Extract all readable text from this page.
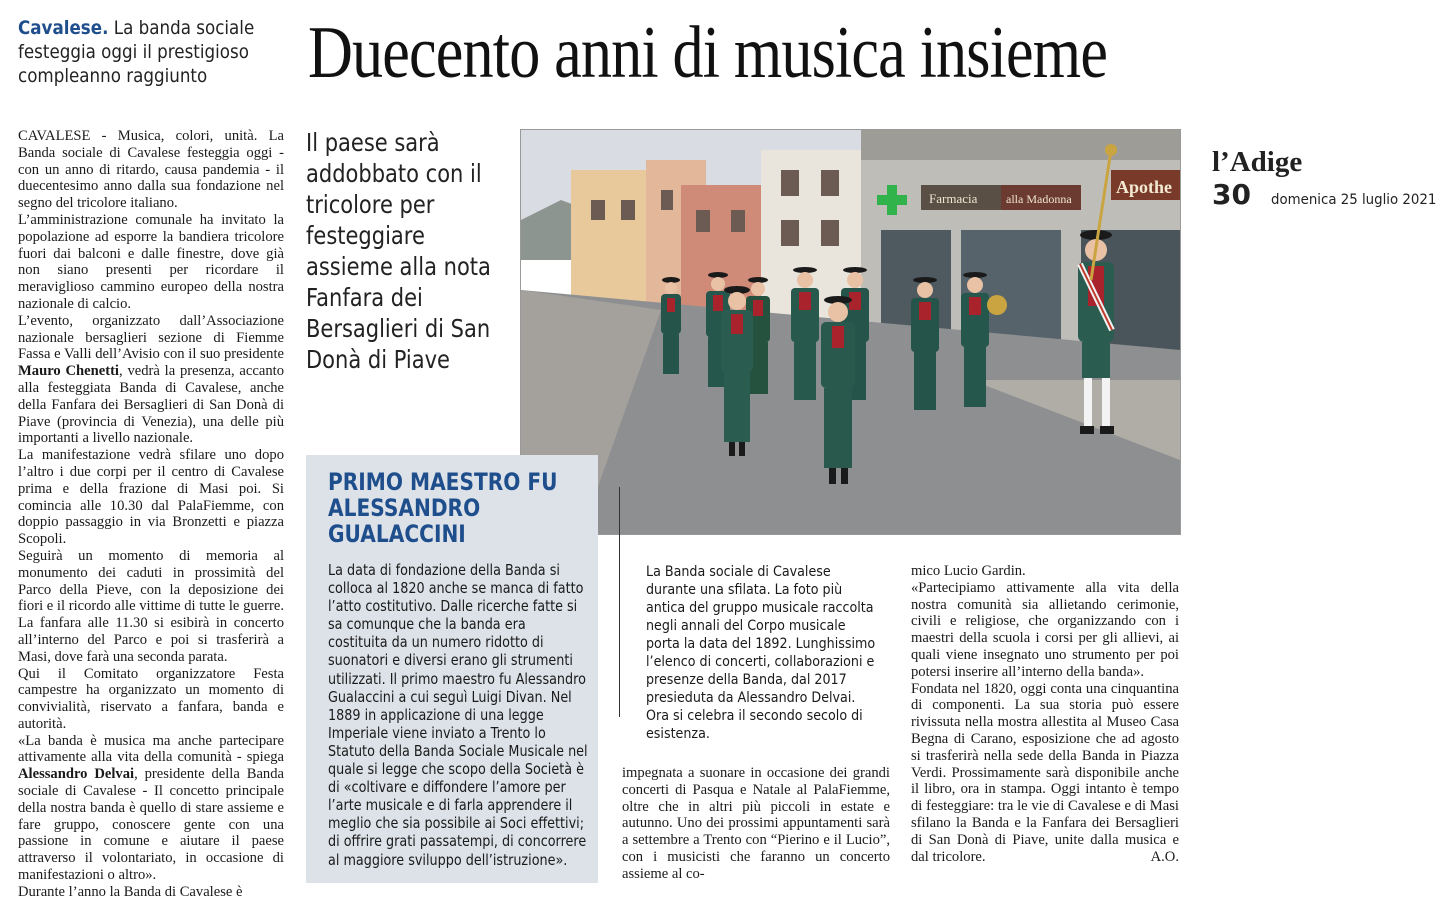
Cavalese. La banda sociale festeggia oggi il prestigioso compleanno raggiunto	Duecento anni di musica insieme

CAVALESE - Musica, colori, unità. La Banda sociale di Cavalese festeggia oggi - con un anno di ritardo, causa pandemia - il duecentesimo anno dalla sua fondazione nel segno del tricolore italiano.

L’amministrazione comunale ha invitato la popolazione ad esporre la bandiera tricolore fuori dai balconi e dalle finestre, dove già non siano presenti per ricordare il meraviglioso cammino europeo della nostra nazionale di calcio.

L’evento, organizzato dall’Associazione nazionale bersaglieri sezione di Fiemme Fassa e Valli dell’Avisio con il suo presidente Mauro Chenetti, vedrà la presenza, accanto alla festeggiata Banda di Cavalese, anche della Fanfara dei Bersaglieri di San Donà di Piave (provincia di Venezia), una delle più importanti a livello nazionale.

La manifestazione vedrà sfilare uno dopo l’altro i due corpi per il centro di Cavalese prima e della frazione di Masi poi. Si comincia alle 10.30 dal PalaFiemme, con doppio passaggio in via Bronzetti e piazza Scopoli.

Seguirà un momento di memoria al monumento dei caduti in prossimità del Parco della Pieve, con la deposizione dei fiori e il ricordo alle vittime di tutte le guerre. La fanfara alle 11.30 si esibirà in concerto all’interno del Parco e poi si trasferirà a Masi, dove farà una seconda parata.

Qui il Comitato organizzatore Festa campestre ha organizzato un momento di convivialità, riservato a fanfara, banda e autorità.

«La banda è musica ma anche partecipare attivamente alla vita della comunità - spiega Alessandro Delvai, presidente della Banda sociale di Cavalese - Il concetto principale della nostra banda è quello di stare assieme e fare gruppo, conoscere gente con una passione in comune e aiutare il paese attraverso il volontariato, in occasione di manifestazioni o altro».

Durante l’anno la Banda di Cavalese è

Il paese sarà addobbato con il tricolore per festeggiare assieme alla nota Fanfara dei Bersaglieri di San Donà di Piave
Farmacia alla Madonna
Apothe
l’Adige
30 domenica 25 luglio 2021
PRIMO MAESTRO FU ALESSANDRO GUALACCINI
La data di fondazione della Banda si colloca al 1820 anche se manca di fatto l’atto costitutivo. Dalle ricerche fatte si sa comunque che la banda era costituita da un numero ridotto di suonatori e diversi erano gli strumenti utilizzati. Il primo maestro fu Alessandro Gualaccini a cui seguì Luigi Divan. Nel 1889 in applicazione di una legge Imperiale viene inviato a Trento lo Statuto della Banda Sociale Musicale nel quale si legge che scopo della Società è di «coltivare e diffondere l’amore per l’arte musicale e di farla apprendere il meglio che sia possibile ai Soci effettivi; di offrire grati passatempi, di concorrere al maggiore sviluppo dell’istruzione».
La Banda sociale di Cavalese durante una sfilata. La foto più antica del gruppo musicale raccolta negli annali del Corpo musicale porta la data del 1892. Lunghissimo l’elenco di concerti, collaborazioni e presenze della Banda, dal 2017 presieduta da Alessandro Delvai. Ora si celebra il secondo secolo di esistenza.

impegnata a suonare in occasione dei grandi concerti di Pasqua e Natale al PalaFiemme, oltre che in altri più piccoli in estate e autunno. Uno dei prossimi appuntamenti sarà a settembre a Trento con “Pierino e il Lucio”, con i musicisti che faranno un concerto assieme al co-

mico Lucio Gardin.

«Partecipiamo attivamente alla vita della nostra comunità sia allietando cerimonie, civili e religiose, che organizzando con i maestri della scuola i corsi per gli allievi, ai quali viene insegnato uno strumento per poi potersi inserire all’interno della banda».

Fondata nel 1820, oggi conta una cinquantina di componenti. La sua storia può essere rivissuta nella mostra allestita al Museo Casa Begna di Carano, esposizione che ad agosto si trasferirà nella sede della Banda in Piazza Verdi. Prossimamente sarà disponibile anche il libro, ora in stampa. Oggi intanto è tempo di festeggiare: tra le vie di Cavalese e di Masi sfilano la Banda e la Fanfara dei Bersaglieri di San Donà di Piave, unite dalla musica e dal tricolore.	A.O.
